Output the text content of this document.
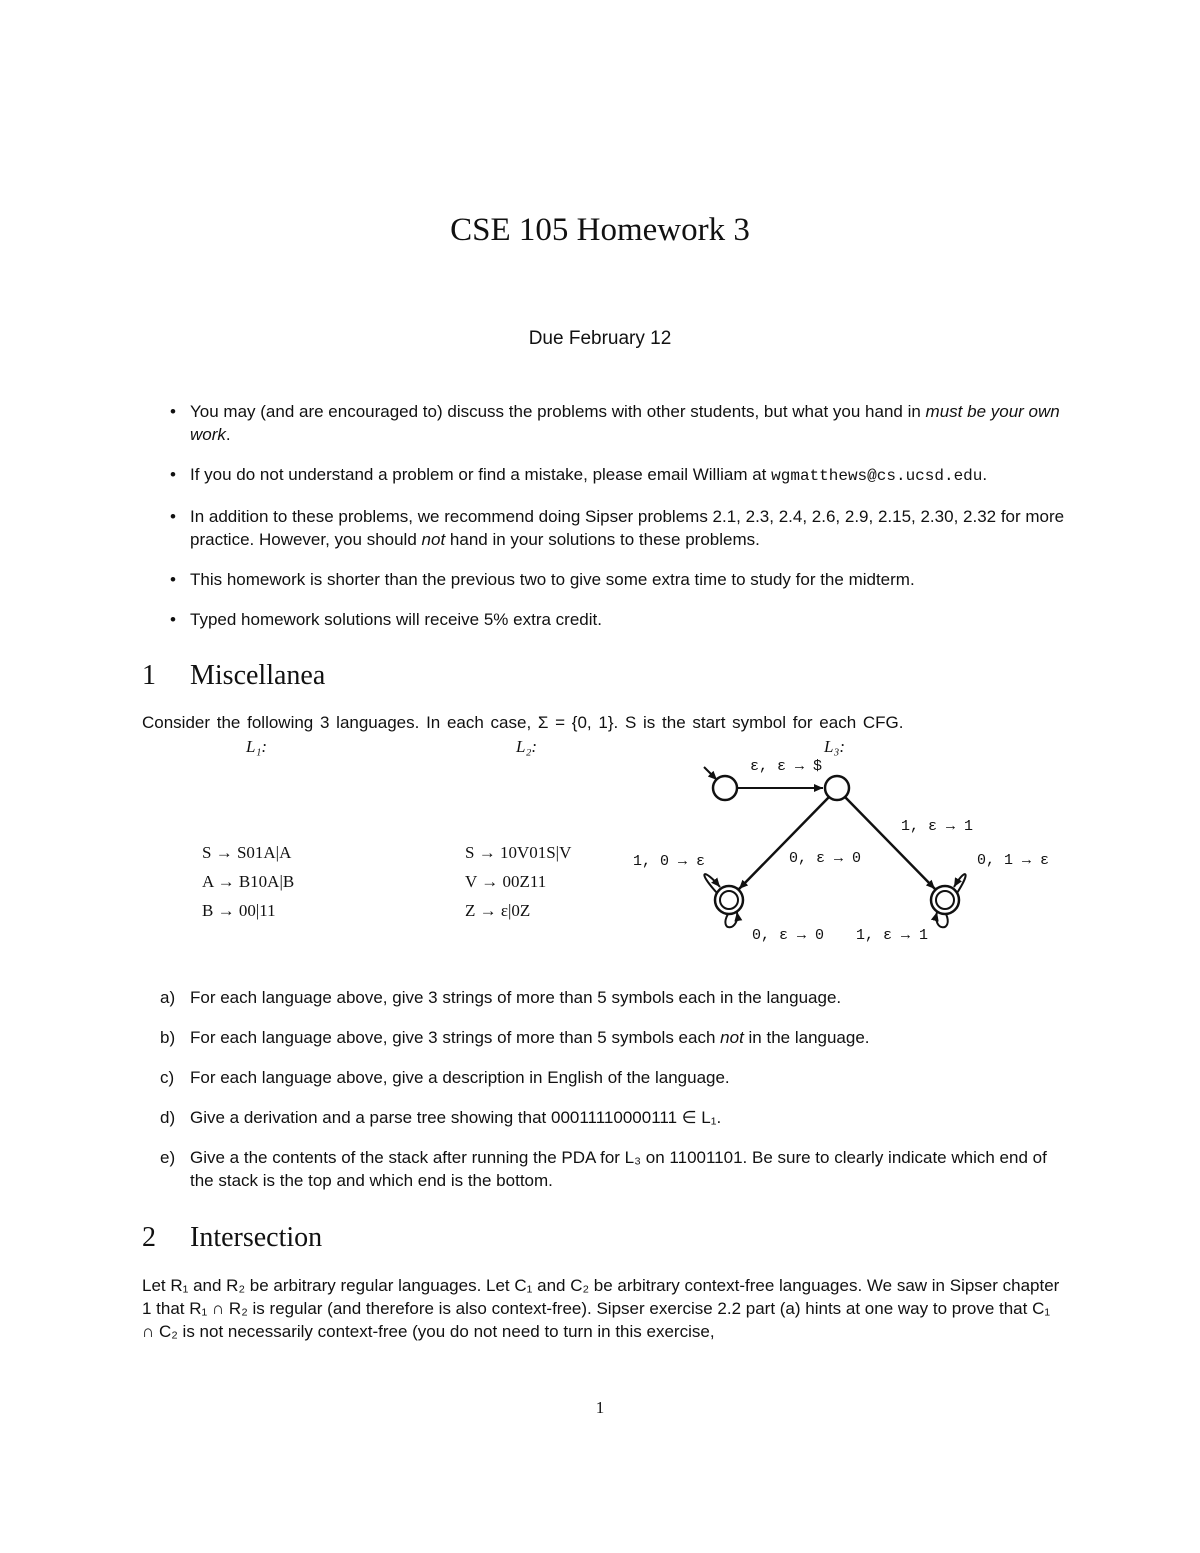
CSE 105 Homework 3
Due February 12
• You may (and are encouraged to) discuss the problems with other students, but what you hand in must be your own work.
• If you do not understand a problem or find a mistake, please email William at wgmatthews@cs.ucsd.edu.
• In addition to these problems, we recommend doing Sipser problems 2.1, 2.3, 2.4, 2.6, 2.9, 2.15, 2.30, 2.32 for more practice. However, you should not hand in your solutions to these problems.
• This homework is shorter than the previous two to give some extra time to study for the midterm.
• Typed homework solutions will receive 5% extra credit.
1 Miscellanea
Consider the following 3 languages. In each case, Σ = {0, 1}. S is the start symbol for each CFG.
L₁:	L₂:	L₃:
S → S01A|A
A → B10A|B
B → 00|11
S → 10V01S|V
V → 00Z11
Z → ε|0Z
ε, ε → $
1, 0 → ε	0, ε → 0
1, ε → 1
0, 1 → ε
0, ε → 0 1, ε → 1
a) For each language above, give 3 strings of more than 5 symbols each in the language.
b) For each language above, give 3 strings of more than 5 symbols each not in the language.
c) For each language above, give a description in English of the language.
d) Give a derivation and a parse tree showing that 00011110000111 ∈ L₁.
e) Give a the contents of the stack after running the PDA for L₃ on 11001101. Be sure to clearly indicate which end of the stack is the top and which end is the bottom.
2 Intersection
Let R₁ and R₂ be arbitrary regular languages. Let C₁ and C₂ be arbitrary context-free languages. We saw in Sipser chapter 1 that R₁ ∩ R₂ is regular (and therefore is also context-free). Sipser exercise 2.2 part (a) hints at one way to prove that C₁ ∩ C₂ is not necessarily context-free (you do not need to turn in this exercise,
1
